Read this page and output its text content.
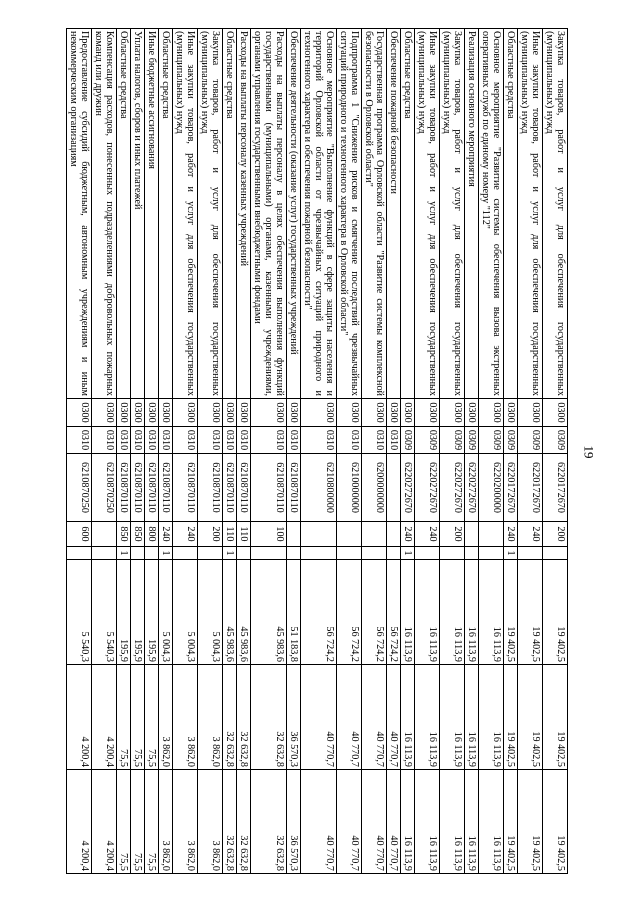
19
Закупка товаров, работ и услуг для обеспечения государственных (муниципальных) нужд	0300	0309	6220172670	200		19 402,5	19 402,5	19 402,5
Иные закупки товаров, работ и услуг для обеспечения государственных (муниципальных) нужд	0300	0309	6220172670	240		19 402,5	19 402,5	19 402,5
Областные средства	0300	0309	6220172670	240	1	19 402,5	19 402,5	19 402,5
Основное мероприятие "Развитие системы обеспечения вызова экстренных оперативных служб по единому номеру "112"	0300	0309	6220200000			16 113,9	16 113,9	16 113,9
Реализация основного мероприятия	0300	0309	6220272670			16 113,9	16 113,9	16 113,9
Закупка товаров, работ и услуг для обеспечения государственных (муниципальных) нужд	0300	0309	6220272670	200		16 113,9	16 113,9	16 113,9
Иные закупки товаров, работ и услуг для обеспечения государственных (муниципальных) нужд	0300	0309	6220272670	240		16 113,9	16 113,9	16 113,9
Областные средства	0300	0309	6220272670	240	1	16 113,9	16 113,9	16 113,9
Обеспечение пожарной безопасности	0300	0310				56 724,2	40 770,7	40 770,7
Государственная программа Орловской области "Развитие системы комплексной безопасности в Орловской области"	0300	0310	6200000000			56 724,2	40 770,7	40 770,7
Подпрограмма 1 "Снижение рисков и смягчение последствий чрезвычайных ситуаций природного и техногенного характера в Орловской области"	0300	0310	6210000000			56 724,2	40 770,7	40 770,7
Основное мероприятие "Выполнение функций в сфере защиты населения и территорий Орловской области от чрезвычайных ситуаций природного и техногенного характера и обеспечения пожарной безопасности"	0300	0310	6210800000			56 724,2	40 770,7	40 770,7
Обеспечение деятельности (оказание услуг) государственных учреждений	0300	0310	6210870110			51 183,8	36 570,3	36 570,3
Расходы на выплаты персоналу в целях обеспечения выполнения функций государственными (муниципальными) органами, казенными учреждениями, органами управления государственными внебюджетными фондами	0300	0310	6210870110	100		45 983,6	32 632,8	32 632,8
Расходы на выплаты персоналу казенных учреждений	0300	0310	6210870110	110		45 983,6	32 632,8	32 632,8
Областные средства	0300	0310	6210870110	110	1	45 983,6	32 632,8	32 632,8
Закупка товаров, работ и услуг для обеспечения государственных (муниципальных) нужд	0300	0310	6210870110	200		5 004,3	3 862,0	3 862,0
Иные закупки товаров, работ и услуг для обеспечения государственных (муниципальных) нужд	0300	0310	6210870110	240		5 004,3	3 862,0	3 862,0
Областные средства	0300	0310	6210870110	240	1	5 004,3	3 862,0	3 862,0
Иные бюджетные ассигнования	0300	0310	6210870110	800		195,9	75,5	75,5
Уплата налогов, сборов и иных платежей	0300	0310	6210870110	850		195,9	75,5	75,5
Областные средства	0300	0310	6210870110	850	1	195,9	75,5	75,5
Компенсация расходов, понесенных подразделениями добровольных пожарных команд или дружин	0300	0310	6210870250			5 540,3	4 200,4	4 200,4
Предоставление субсидий бюджетным, автономным учреждениям и иным некоммерческим организациям	0300	0310	6210870250	600		5 540,3	4 200,4	4 200,4
